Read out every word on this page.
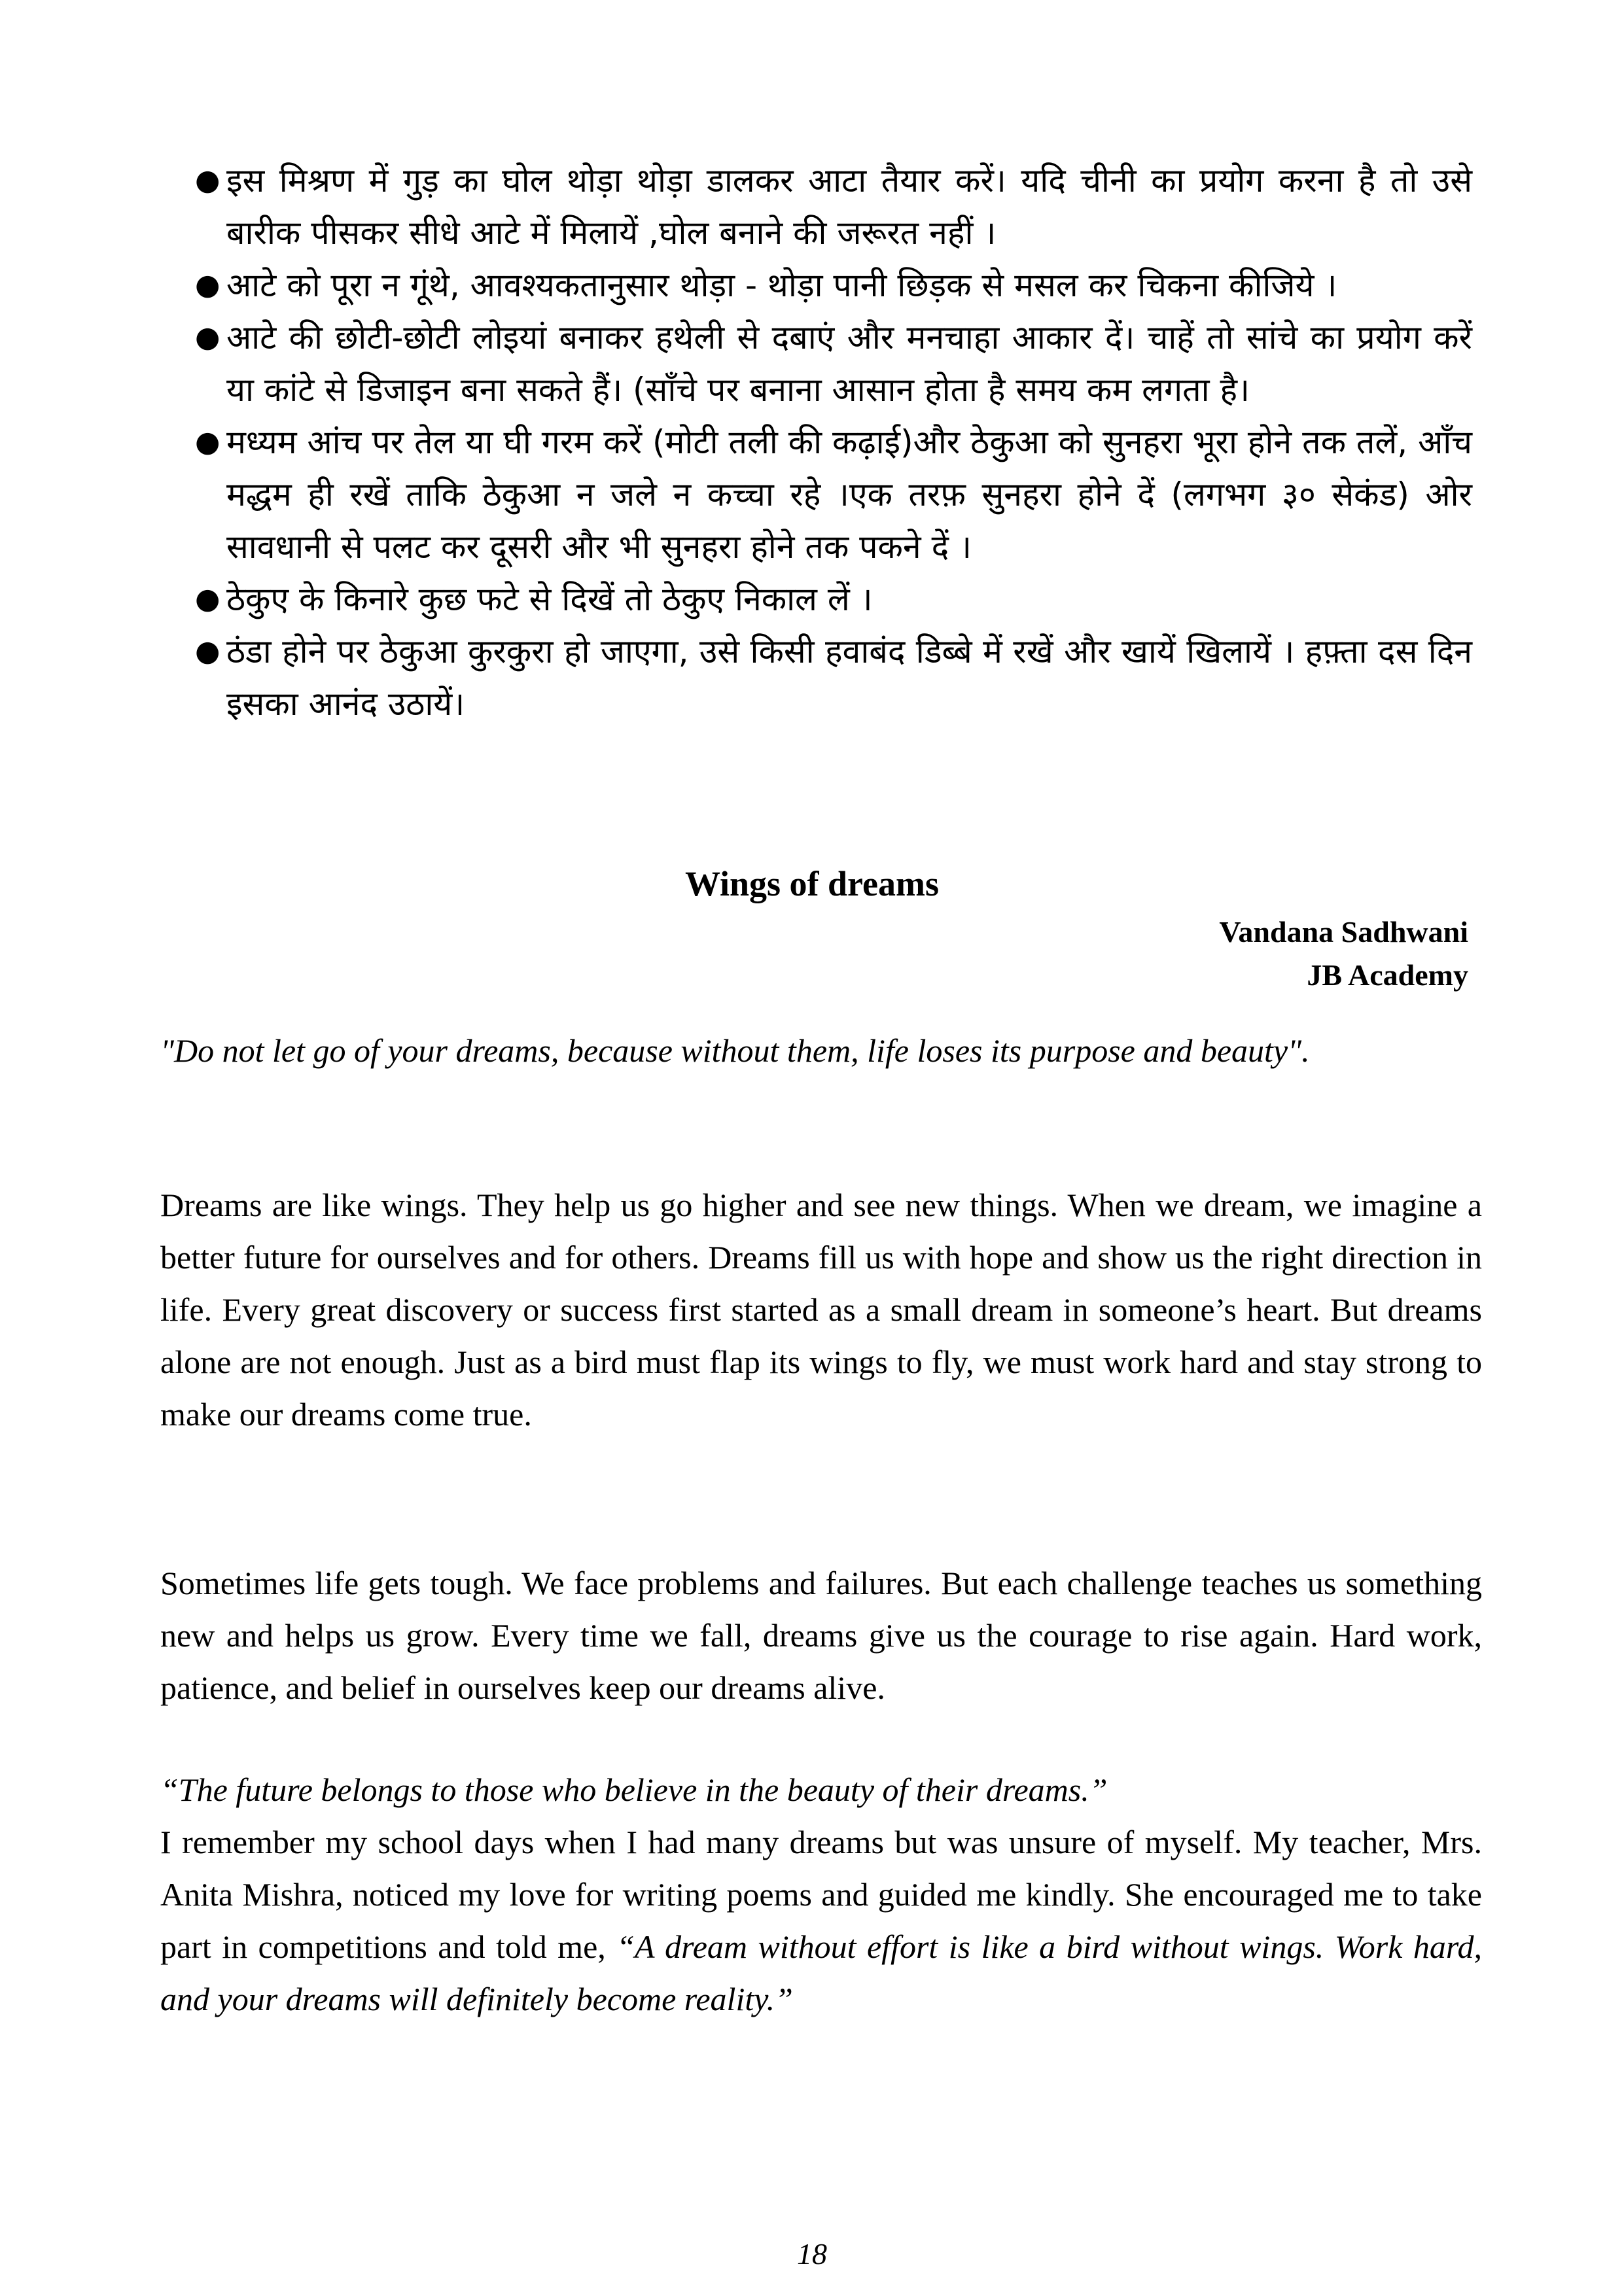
● इस मिश्रण में गुड़ का घोल थोड़ा थोड़ा डालकर आटा तैयार करें। यदि चीनी का प्रयोग करना है तो उसे बारीक पीसकर सीधे आटे में मिलायें ,घोल बनाने की जरूरत नहीं ।
● आटे को पूरा न गूंथे, आवश्यकतानुसार थोड़ा - थोड़ा पानी छिड़क से मसल कर चिकना कीजिये ।
● आटे की छोटी-छोटी लोइयां बनाकर हथेली से दबाएं और मनचाहा आकार दें। चाहें तो सांचे का प्रयोग करें या कांटे से डिजाइन बना सकते हैं। (साँचे पर बनाना आसान होता है समय कम लगता है।
● मध्यम आंच पर तेल या घी गरम करें (मोटी तली की कढ़ाई)और ठेकुआ को सुनहरा भूरा होने तक तलें, आँच मद्धम ही रखें ताकि ठेकुआ न जले न कच्चा रहे ।एक तरफ़ सुनहरा होने दें (लगभग ३० सेकंड) ओर सावधानी से पलट कर दूसरी और भी सुनहरा होने तक पकने दें ।
● ठेकुए के किनारे कुछ फटे से दिखें तो ठेकुए निकाल लें ।
● ठंडा होने पर ठेकुआ कुरकुरा हो जाएगा, उसे किसी हवाबंद डिब्बे में रखें और खायें खिलायें । हफ़्ता दस दिन इसका आनंद उठायें।
Wings of dreams
Vandana Sadhwani
JB Academy

"Do not let go of your dreams, because without them, life loses its purpose and beauty".

Dreams are like wings. They help us go higher and see new things. When we dream, we imagine a better future for ourselves and for others. Dreams fill us with hope and show us the right direction in life. Every great discovery or success first started as a small dream in someone’s heart. But dreams alone are not enough. Just as a bird must flap its wings to fly, we must work hard and stay strong to make our dreams come true.

Sometimes life gets tough. We face problems and failures. But each challenge teaches us something new and helps us grow. Every time we fall, dreams give us the courage to rise again. Hard work, patience, and belief in ourselves keep our dreams alive.

“The future belongs to those who believe in the beauty of their dreams.”

I remember my school days when I had many dreams but was unsure of myself. My teacher, Mrs. Anita Mishra, noticed my love for writing poems and guided me kindly. She encouraged me to take part in competitions and told me, “A dream without effort is like a bird without wings. Work hard, and your dreams will definitely become reality.”

18
